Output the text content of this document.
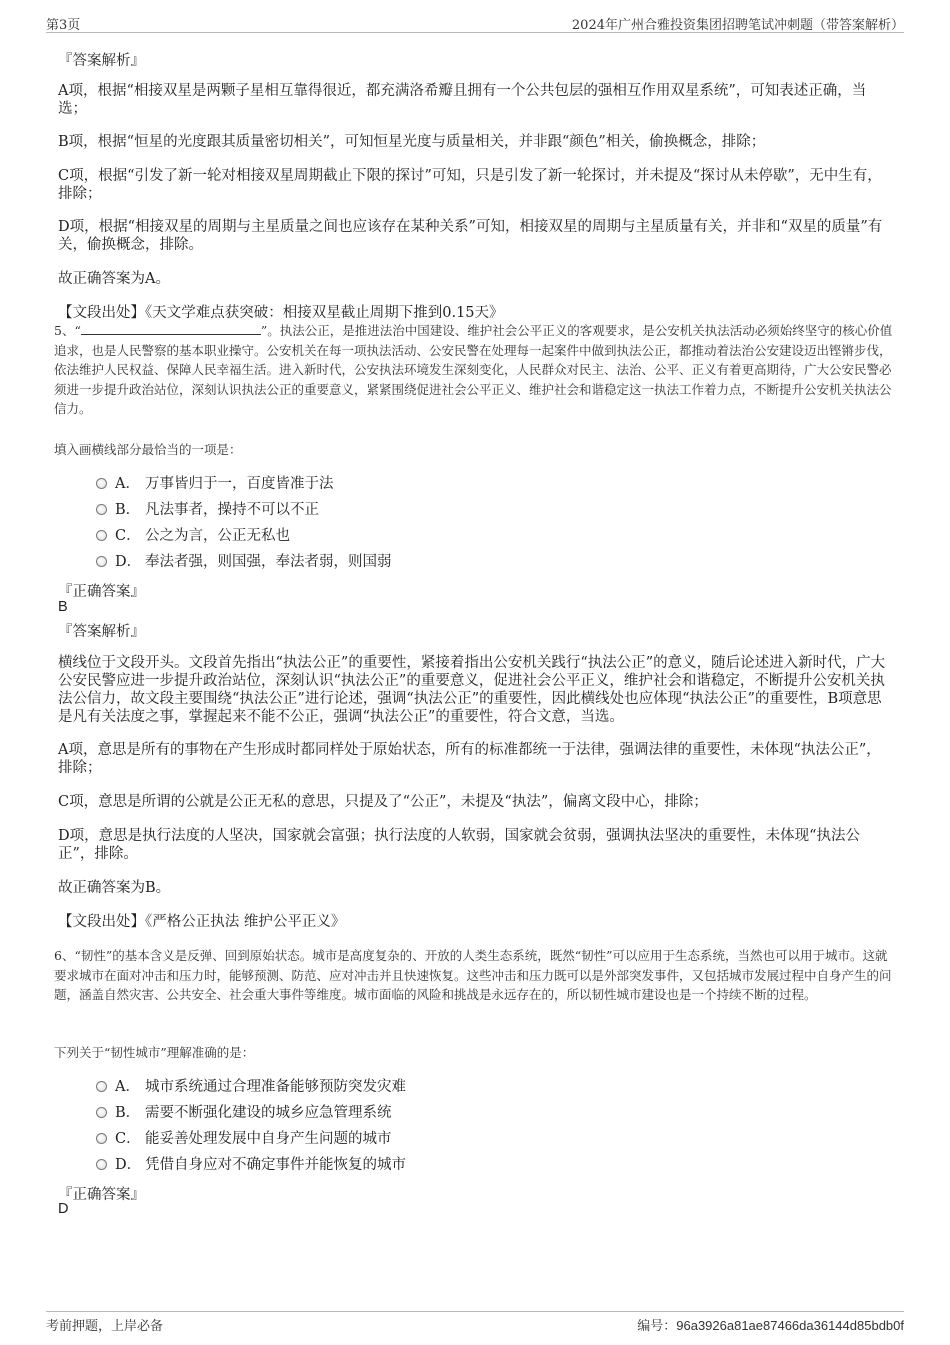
第3页	2024年广州合雅投资集团招聘笔试冲刺题（带答案解析）
『答案解析』

A项，根据“相接双星是两颗子星相互靠得很近，都充满洛希瓣且拥有一个公共包层的强相互作用双星系统”，可知表述正确，当选；

B项，根据“恒星的光度跟其质量密切相关”，可知恒星光度与质量相关，并非跟“颜色”相关，偷换概念，排除；

C项，根据“引发了新一轮对相接双星周期截止下限的探讨”可知，只是引发了新一轮探讨，并未提及“探讨从未停歇”，无中生有，排除；

D项，根据“相接双星的周期与主星质量之间也应该存在某种关系”可知，相接双星的周期与主星质量有关，并非和“双星的质量”有关，偷换概念，排除。

故正确答案为A。

【文段出处】《天文学难点获突破：相接双星截止周期下推到0.15天》

5、“	”。执法公正，是推进法治中国建设、维护社会公平正义的客观要求，是公安机关执法活动必须始终坚守的核心价值追求，也是人民警察的基本职业操守。公安机关在每一项执法活动、公安民警在处理每一起案件中做到执法公正，都推动着法治公安建设迈出铿锵步伐，依法维护人民权益、保障人民幸福生活。进入新时代，公安执法环境发生深刻变化，人民群众对民主、法治、公平、正义有着更高期待，广大公安民警必须进一步提升政治站位，深刻认识执法公正的重要意义，紧紧围绕促进社会公平正义、维护社会和谐稳定这一执法工作着力点，不断提升公安机关执法公信力。

填入画横线部分最恰当的一项是：
A． 万事皆归于一，百度皆准于法
B． 凡法事者，操持不可以不正
C． 公之为言，公正无私也
D． 奉法者强，则国强，奉法者弱，则国弱
『正确答案』
B
『答案解析』

横线位于文段开头。文段首先指出“执法公正”的重要性，紧接着指出公安机关践行“执法公正”的意义，随后论述进入新时代，广大公安民警应进一步提升政治站位，深刻认识“执法公正”的重要意义，促进社会公平正义，维护社会和谐稳定，不断提升公安机关执法公信力，故文段主要围绕“执法公正”进行论述，强调“执法公正”的重要性，因此横线处也应体现“执法公正”的重要性，B项意思是凡有关法度之事，掌握起来不能不公正，强调“执法公正”的重要性，符合文意，当选。

A项，意思是所有的事物在产生形成时都同样处于原始状态，所有的标准都统一于法律，强调法律的重要性，未体现“执法公正”，排除；

C项，意思是所谓的公就是公正无私的意思，只提及了“公正”，未提及“执法”，偏离文段中心，排除；

D项，意思是执行法度的人坚决，国家就会富强；执行法度的人软弱，国家就会贫弱，强调执法坚决的重要性，未体现“执法公正”，排除。

故正确答案为B。

【文段出处】《严格公正执法 维护公平正义》

6、“韧性”的基本含义是反弹、回到原始状态。城市是高度复杂的、开放的人类生态系统，既然“韧性”可以应用于生态系统，当然也可以用于城市。这就要求城市在面对冲击和压力时，能够预测、防范、应对冲击并且快速恢复。这些冲击和压力既可以是外部突发事件，又包括城市发展过程中自身产生的问题，涵盖自然灾害、公共安全、社会重大事件等维度。城市面临的风险和挑战是永远存在的，所以韧性城市建设也是一个持续不断的过程。

下列关于“韧性城市”理解准确的是：
A． 城市系统通过合理准备能够预防突发灾难
B． 需要不断强化建设的城乡应急管理系统
C． 能妥善处理发展中自身产生问题的城市
D． 凭借自身应对不确定事件并能恢复的城市
『正确答案』
D
考前押题，上岸必备	编号：96a3926a81ae87466da36144d85bdb0f
